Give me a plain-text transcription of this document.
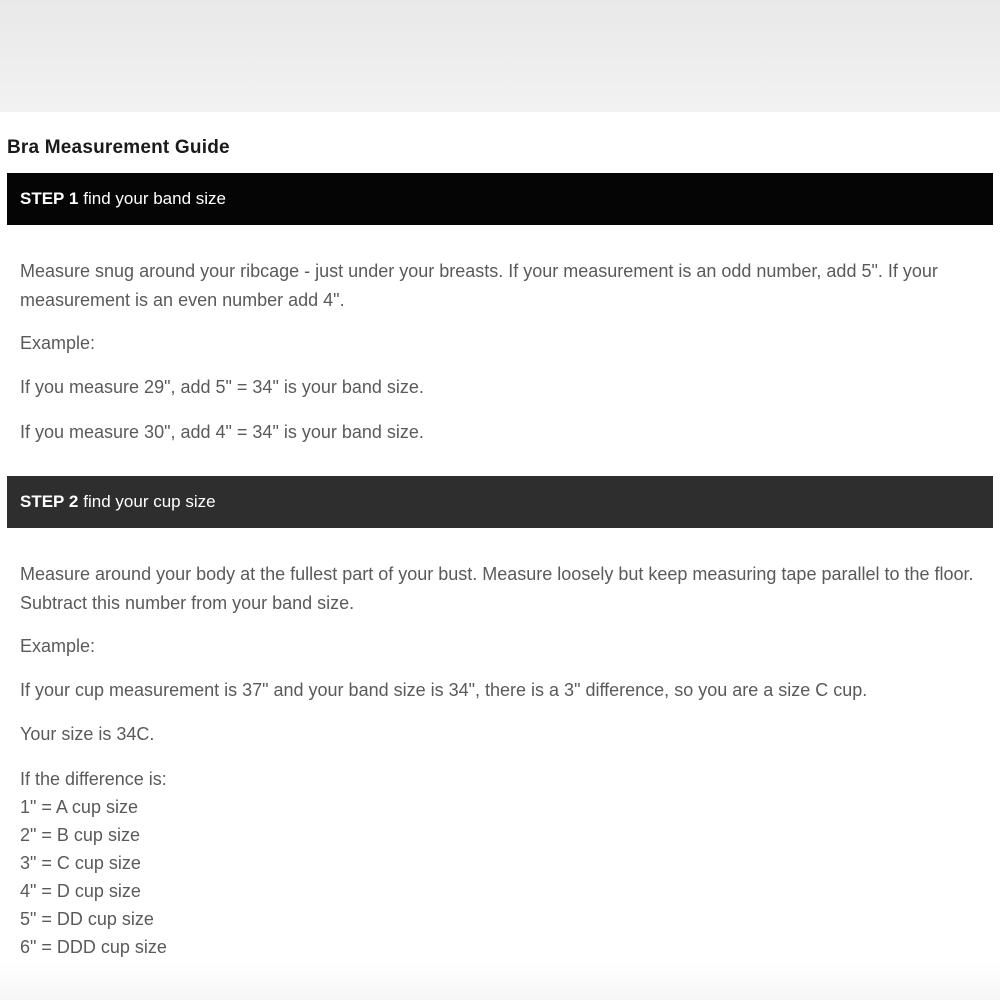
Bra Measurement Guide
STEP 1 find your band size

Measure snug around your ribcage - just under your breasts. If your measurement is an odd number, add 5". If your measurement is an even number add 4".

Example:

If you measure 29", add 5" = 34" is your band size.

If you measure 30", add 4" = 34" is your band size.

STEP 2 find your cup size

Measure around your body at the fullest part of your bust. Measure loosely but keep measuring tape parallel to the floor. Subtract this number from your band size.

Example:

If your cup measurement is 37" and your band size is 34", there is a 3" difference, so you are a size C cup.

Your size is 34C.

If the difference is:
1" = A cup size
2" = B cup size
3" = C cup size
4" = D cup size
5" = DD cup size
6" = DDD cup size
